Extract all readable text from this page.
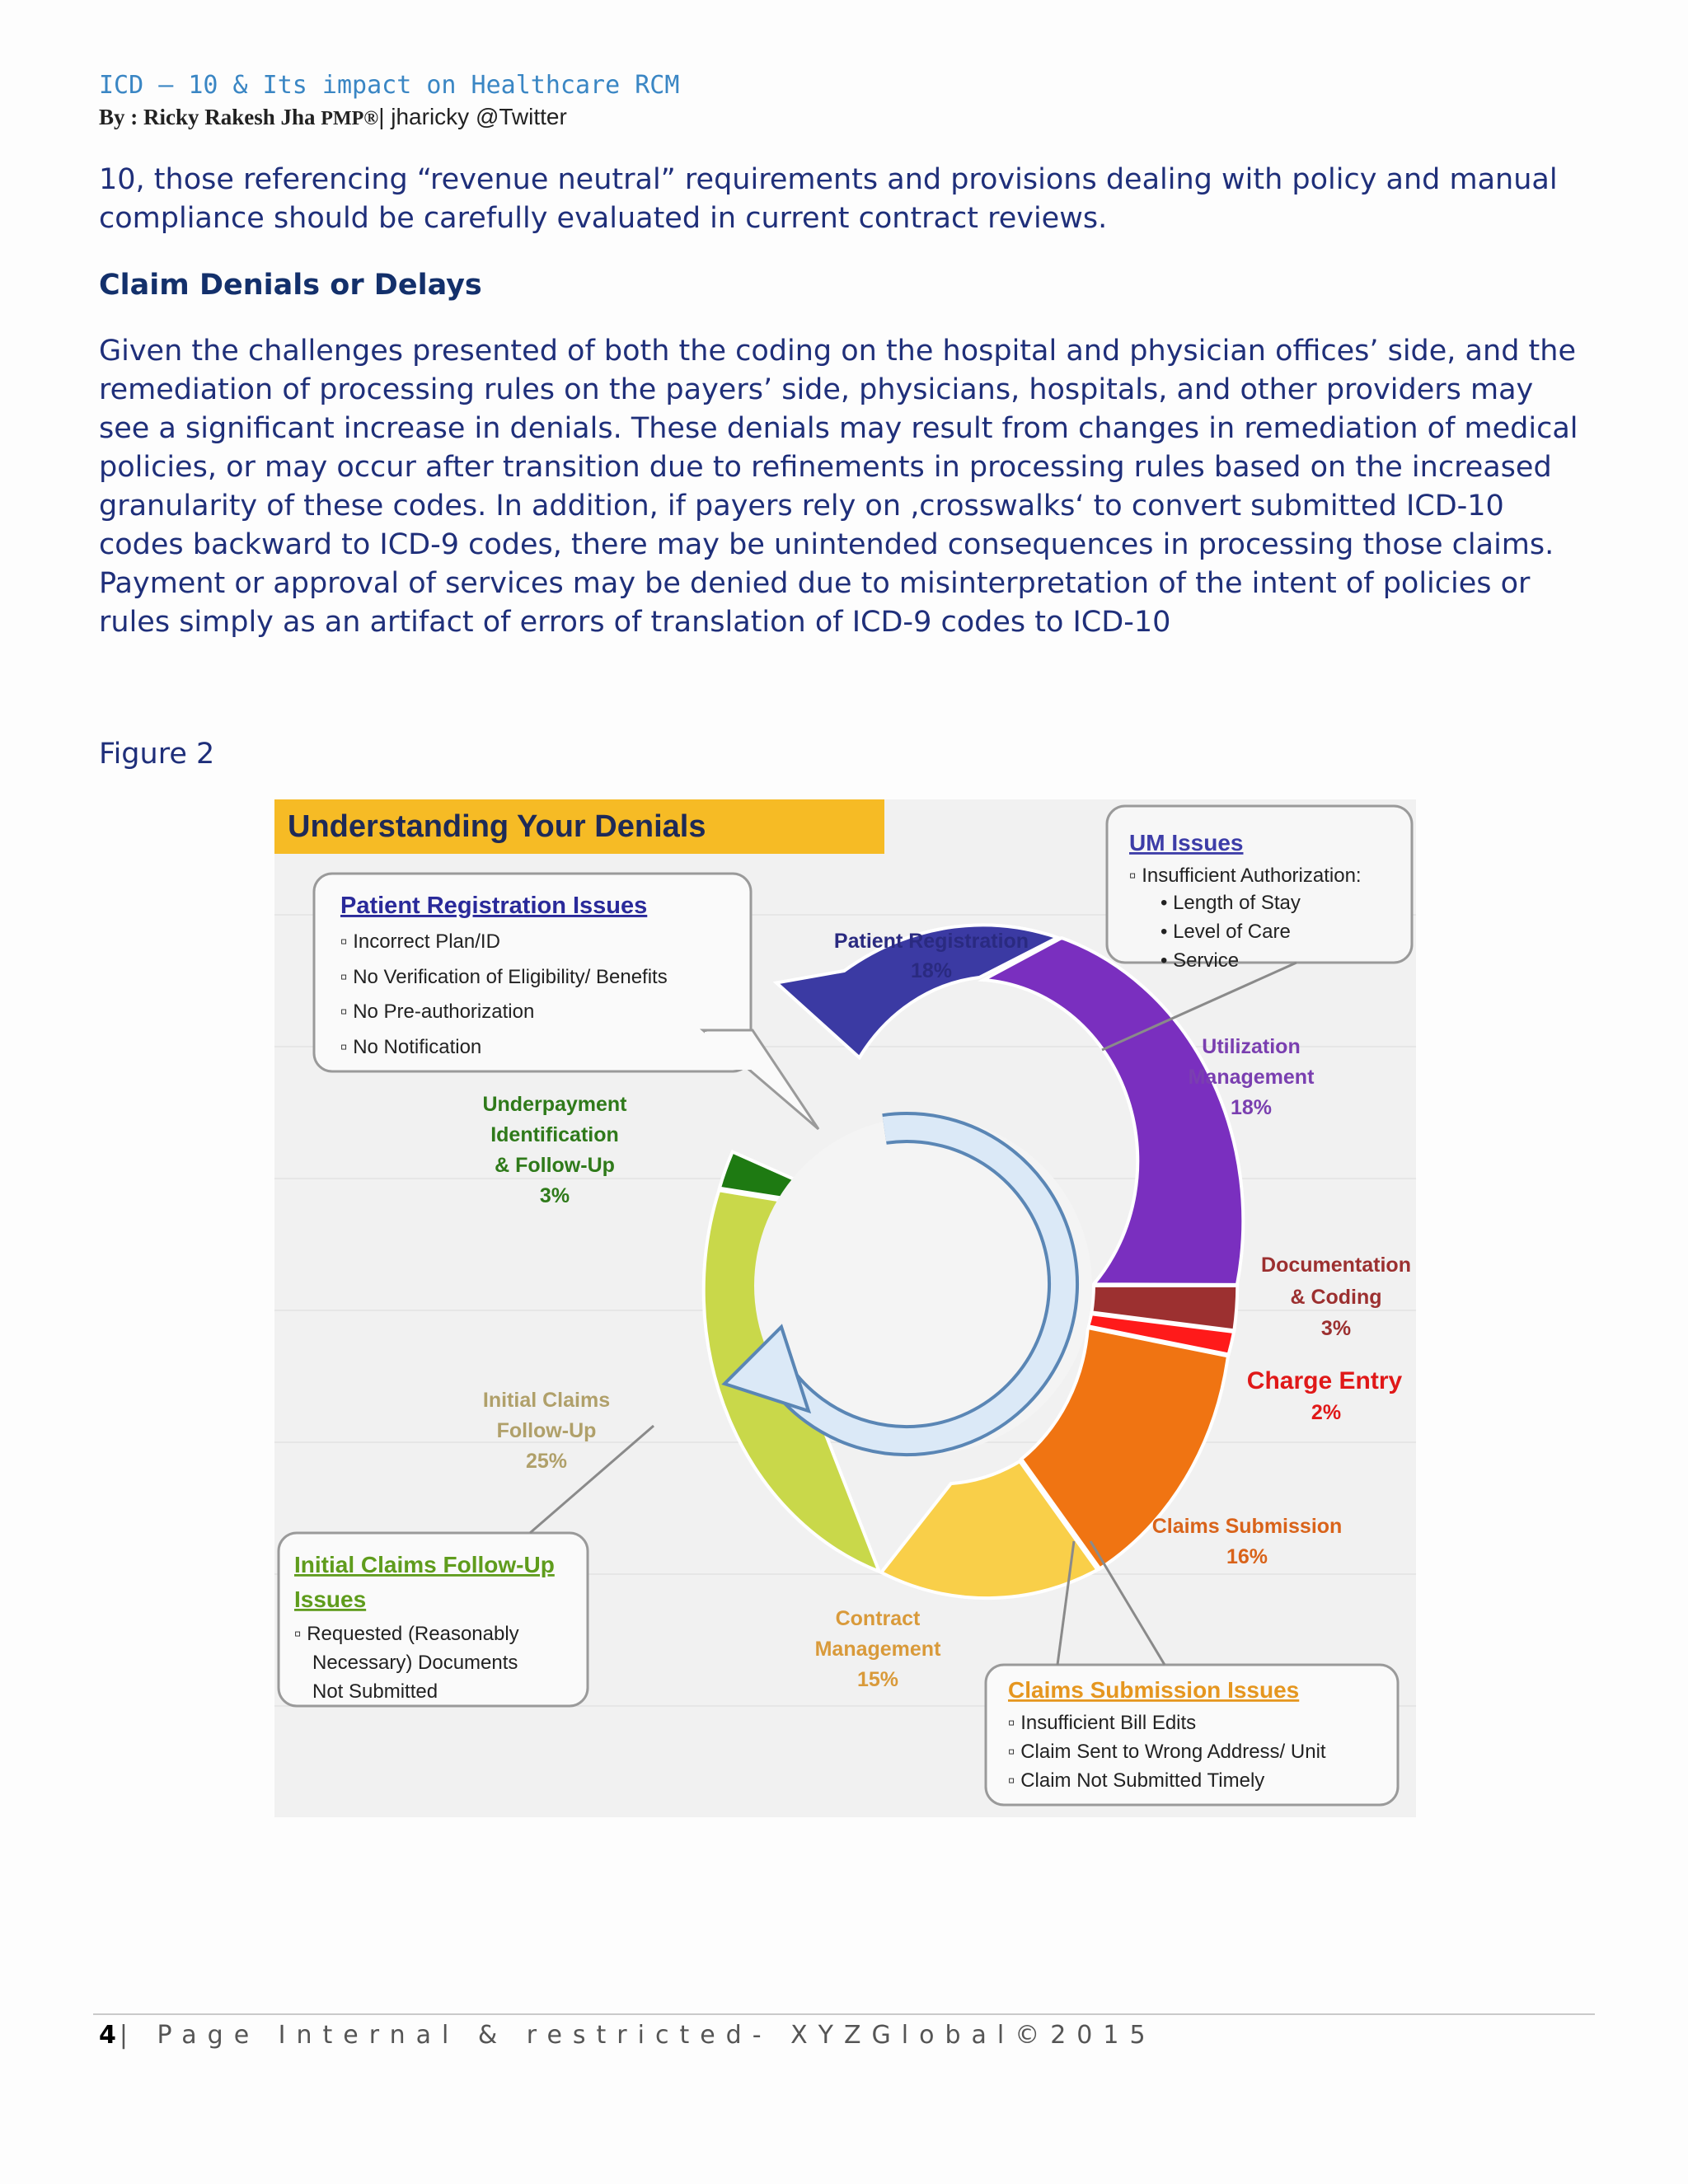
ICD – 10 & Its impact on Healthcare RCM
By : Ricky Rakesh Jha PMP®| jharicky @Twitter

10, those referencing “revenue neutral” requirements and provisions dealing with policy and manual compliance should be carefully evaluated in current contract reviews.

Claim Denials or Delays

Given the challenges presented of both the coding on the hospital and physician offices’ side, and the remediation of processing rules on the payers’ side, physicians, hospitals, and other providers may see a significant increase in denials. These denials may result from changes in remediation of medical policies, or may occur after transition due to refinements in processing rules based on the increased granularity of these codes. In addition, if payers rely on ‚crosswalks‘ to convert submitted ICD-10 codes backward to ICD-9 codes, there may be unintended consequences in processing those claims. Payment or approval of services may be denied due to misinterpretation of the intent of policies or rules simply as an artifact of errors of translation of ICD-9 codes to ICD-10

Figure 2
Understanding Your Denials	UM Issues
▫ Insufficient Authorization:
• Length of Stay
• Level of Care
• Service
Patient Registration Issues
▫ Incorrect Plan/ID
▫ No Verification of Eligibility/ Benefits
▫ No Pre-authorization
▫ No Notification
Initial Claims Follow-Up
Issues
▫ Requested (Reasonably
Necessary) Documents
Not Submitted	Claims Submission Issues
▫ Insufficient Bill Edits
▫ Claim Sent to Wrong Address/ Unit
▫ Claim Not Submitted Timely
Patient Registration
18%
Utilization
Management
18%
Documentation
& Coding
3%
Charge Entry
2%
Claims Submission
16%
Contract
Management
15%
Initial Claims
Follow-Up
25%
Underpayment
Identification
& Follow-Up
3%
4| Page Internal & restricted- XYZGlobal©2015
